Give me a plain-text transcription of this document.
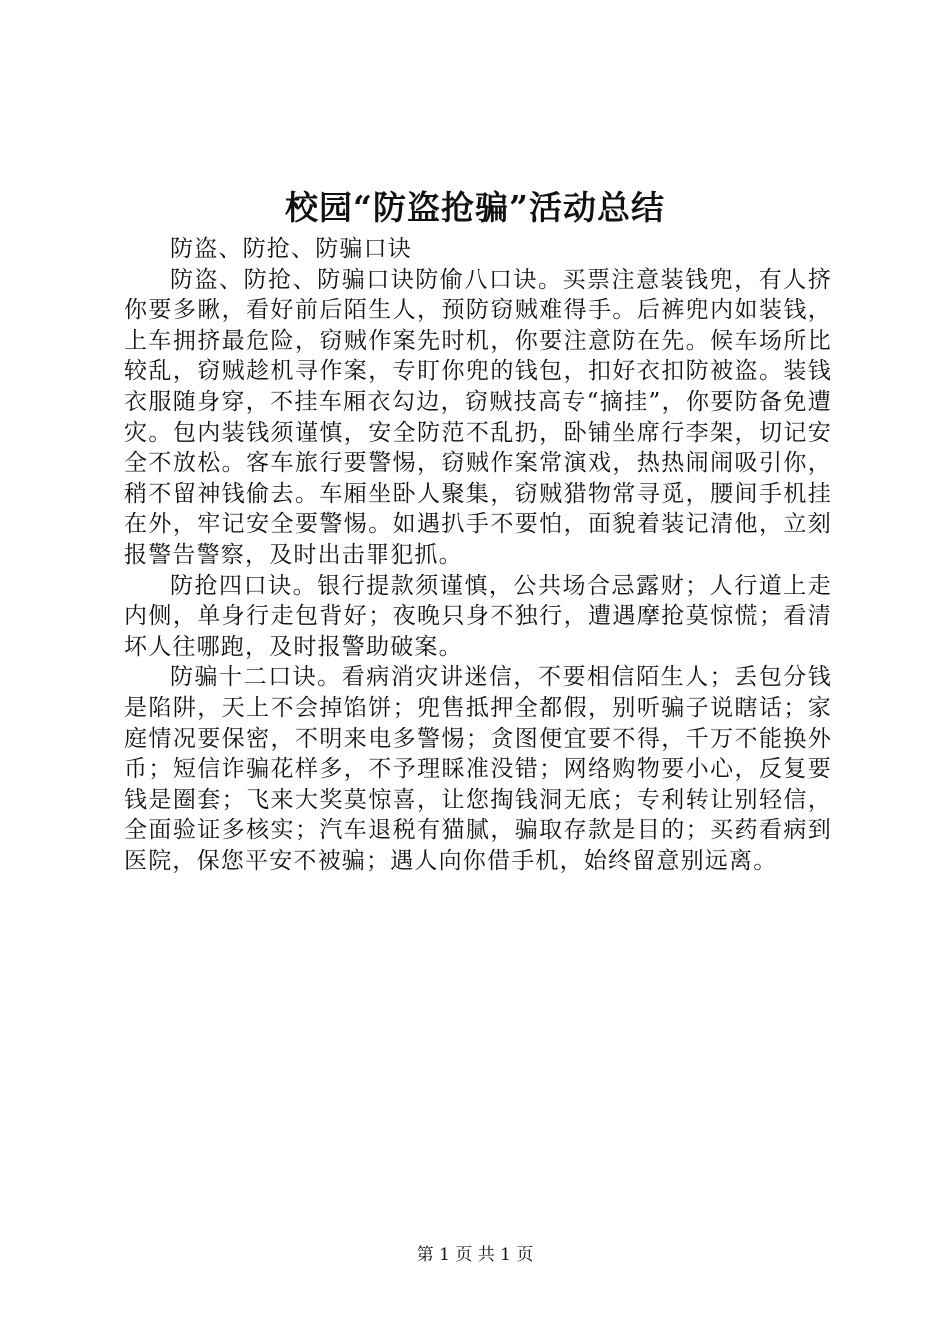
校园“防盗抢骗”活动总结

防盗、防抢、防骗口诀

防盗、防抢、防骗口诀防偷八口诀。买票注意装钱兜，有人挤你要多瞅，看好前后陌生人，预防窃贼难得手。后裤兜内如装钱，上车拥挤最危险，窃贼作案先时机，你要注意防在先。候车场所比较乱，窃贼趁机寻作案，专盯你兜的钱包，扣好衣扣防被盗。装钱衣服随身穿，不挂车厢衣勾边，窃贼技高专“摘挂”，你要防备免遭灾。包内装钱须谨慎，安全防范不乱扔，卧铺坐席行李架，切记安全不放松。客车旅行要警惕，窃贼作案常演戏，热热闹闹吸引你，稍不留神钱偷去。车厢坐卧人聚集，窃贼猎物常寻觅，腰间手机挂在外，牢记安全要警惕。如遇扒手不要怕，面貌着装记清他，立刻报警告警察，及时出击罪犯抓。

防抢四口诀。银行提款须谨慎，公共场合忌露财；人行道上走内侧，单身行走包背好；夜晚只身不独行，遭遇摩抢莫惊慌；看清坏人往哪跑，及时报警助破案。

防骗十二口诀。看病消灾讲迷信，不要相信陌生人；丢包分钱是陷阱，天上不会掉馅饼；兜售抵押全都假，别听骗子说瞎话；家庭情况要保密，不明来电多警惕；贪图便宜要不得，千万不能换外币；短信诈骗花样多，不予理睬准没错；网络购物要小心，反复要钱是圈套；飞来大奖莫惊喜，让您掏钱洞无底；专利转让别轻信，全面验证多核实；汽车退税有猫腻，骗取存款是目的；买药看病到医院，保您平安不被骗；遇人向你借手机，始终留意别远离。

第 1 页 共 1 页
